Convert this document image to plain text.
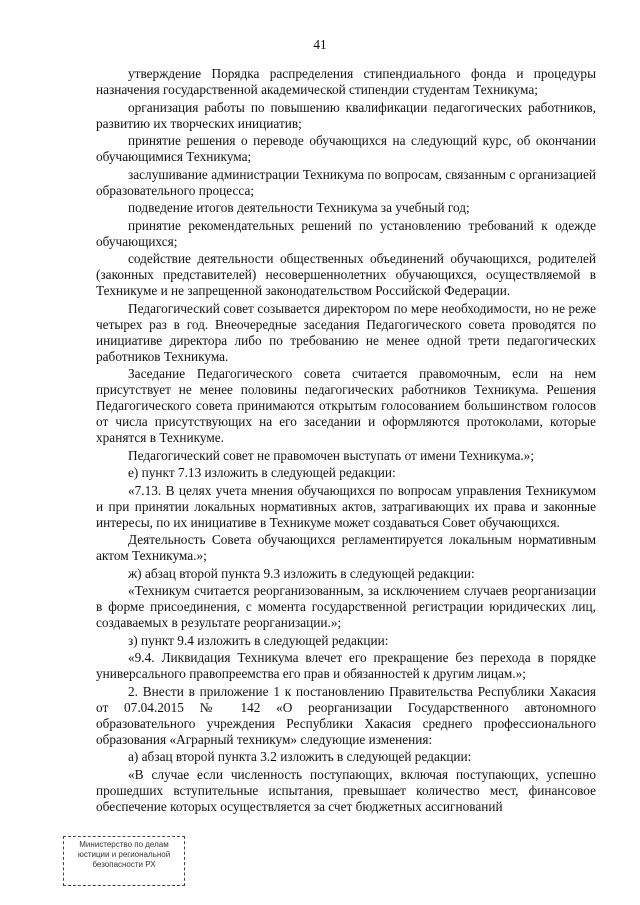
41

утверждение Порядка распределения стипендиального фонда и процедуры назначения государственной академической стипендии студентам Техникума;

организация работы по повышению квалификации педагогических работников, развитию их творческих инициатив;

принятие решения о переводе обучающихся на следующий курс, об окончании обучающимися Техникума;

заслушивание администрации Техникума по вопросам, связанным с организацией образовательного процесса;

подведение итогов деятельности Техникума за учебный год;

принятие рекомендательных решений по установлению требований к одежде обучающихся;

содействие деятельности общественных объединений обучающихся, родителей (законных представителей) несовершеннолетних обучающихся, осуществляемой в Техникуме и не запрещенной законодательством Российской Федерации.

Педагогический совет созывается директором по мере необходимости, но не реже четырех раз в год. Внеочередные заседания Педагогического совета проводятся по инициативе директора либо по требованию не менее одной трети педагогических работников Техникума.

Заседание Педагогического совета считается правомочным, если на нем присутствует не менее половины педагогических работников Техникума. Решения Педагогического совета принимаются открытым голосованием большинством голосов от числа присутствующих на его заседании и оформляются протоколами, которые хранятся в Техникуме.

Педагогический совет не правомочен выступать от имени Техникума.»;

е) пункт 7.13 изложить в следующей редакции:

«7.13. В целях учета мнения обучающихся по вопросам управления Техникумом и при принятии локальных нормативных актов, затрагивающих их права и законные интересы, по их инициативе в Техникуме может создаваться Совет обучающихся.

Деятельность Совета обучающихся регламентируется локальным нормативным актом Техникума.»;

ж) абзац второй пункта 9.3 изложить в следующей редакции:

«Техникум считается реорганизованным, за исключением случаев реорганизации в форме присоединения, с момента государственной регистрации юридических лиц, создаваемых в результате реорганизации.»;

з) пункт 9.4 изложить в следующей редакции:

«9.4. Ликвидация Техникума влечет его прекращение без перехода в порядке универсального правопреемства его прав и обязанностей к другим лицам.»;

2. Внести в приложение 1 к постановлению Правительства Республики Хакасия от 07.04.2015 № 142 «О реорганизации Государственного автономного образовательного учреждения Республики Хакасия среднего профессионального образования «Аграрный техникум» следующие изменения:

а) абзац второй пункта 3.2 изложить в следующей редакции:

«В случае если численность поступающих, включая поступающих, успешно прошедших вступительные испытания, превышает количество мест, финансовое обеспечение которых осуществляется за счет бюджетных ассигнований

Министерство по делам
юстиции и региональной
безопасности РХ
